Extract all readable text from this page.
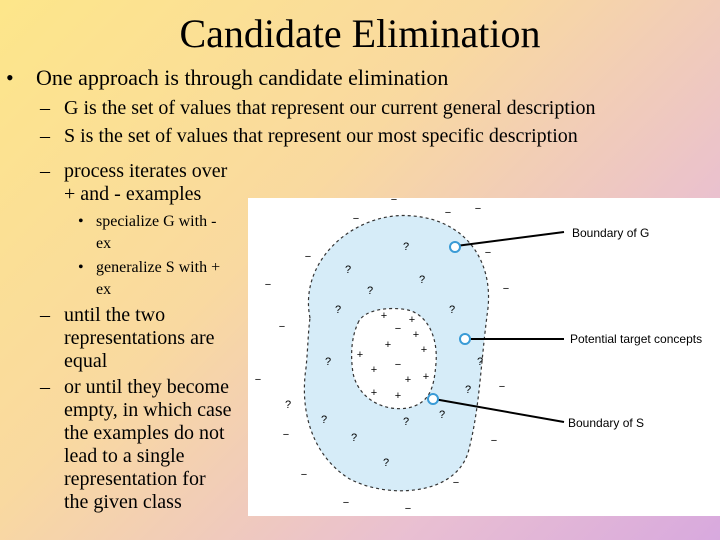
Candidate Elimination
• One approach is through candidate elimination
– G is the set of values that represent our current general description
– S is the set of values that represent our most specific description
– process iterates over
+ and - examples
• specialize G with -
ex
• generalize S with +
ex
– until the two
representations are
equal
– or until they become
empty, in which case
the examples do not
lead to a single
representation for
the given class
Boundary of G
Potential target concepts
Boundary of S
−
−	−
−	−
−
−
−
−	−
−
−
−	−
−
−
−
−
−
?
?
?
?	?
?	?
?	?
?
?
?
?
?
?
+
+
+
+
+
+ +
+
+
+
+
